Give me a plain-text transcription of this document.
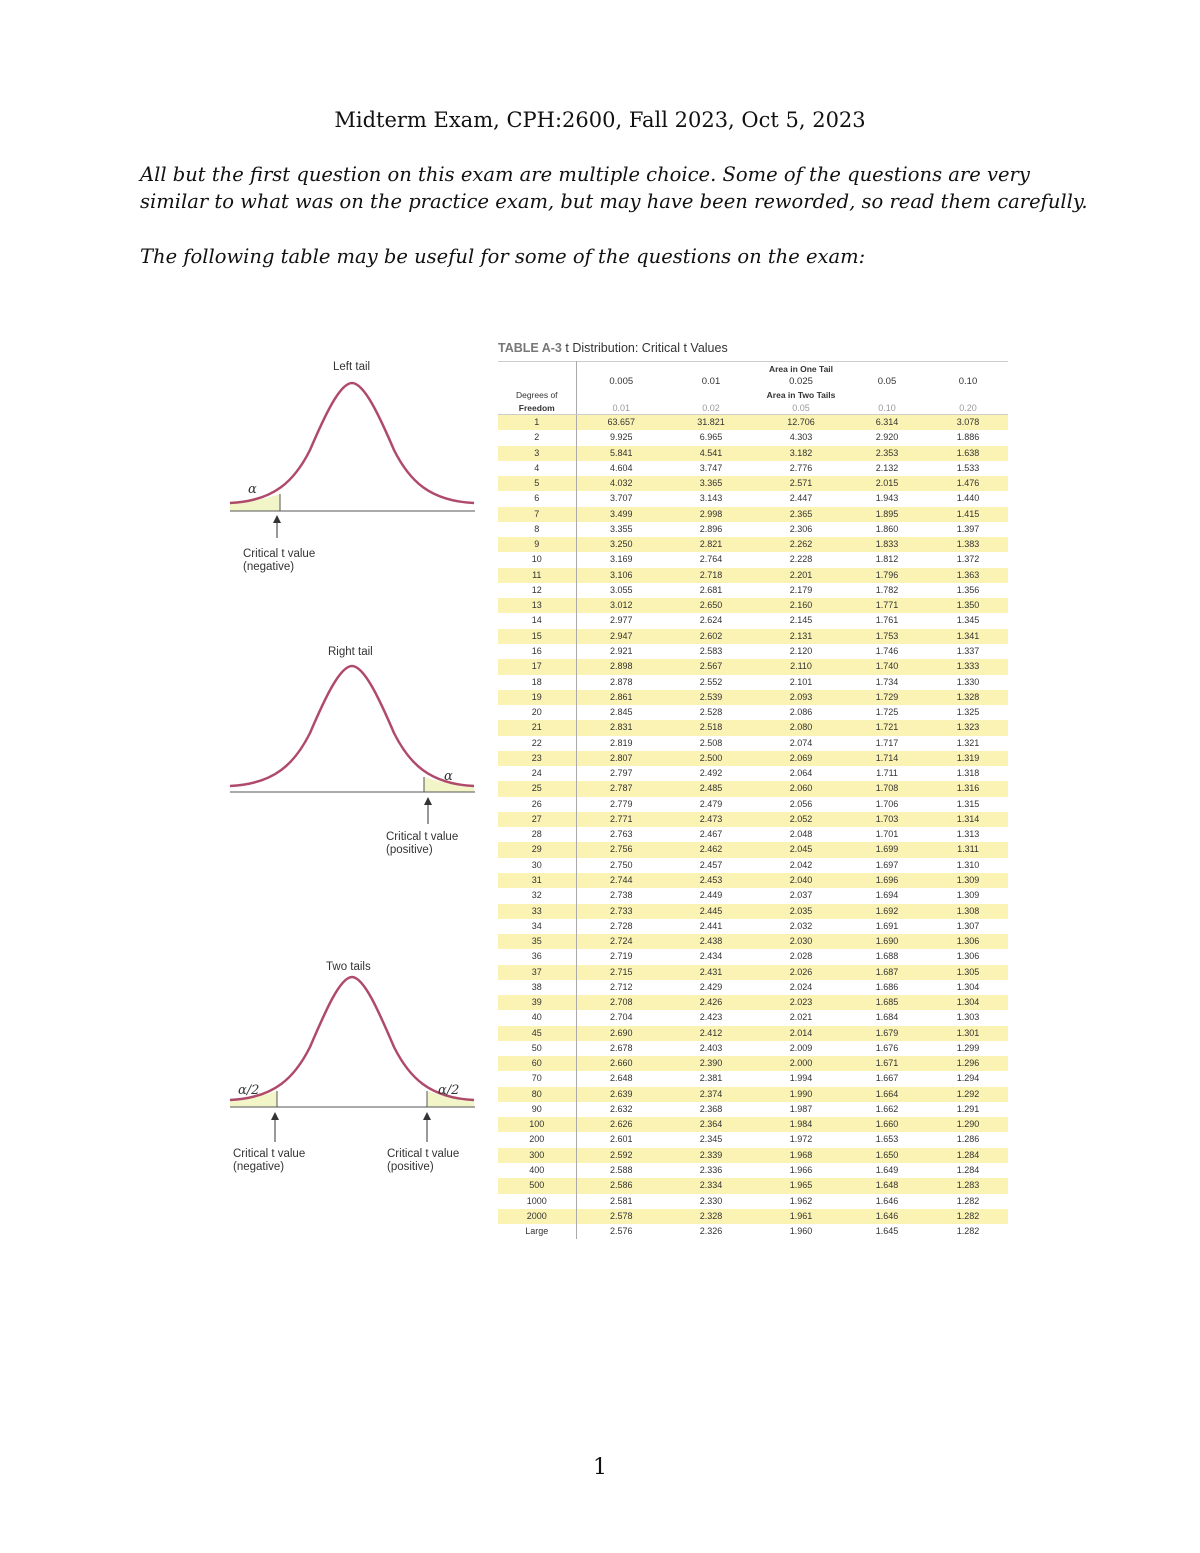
Midterm Exam, CPH:2600, Fall 2023, Oct 5, 2023

All but the first question on this exam are multiple choice. Some of the questions are very similar to what was on the practice exam, but may have been reworded, so read them carefully.

The following table may be useful for some of the questions on the exam:

Left tail
α
Critical t value
(negative)
Right tail
α
Critical t value
(positive)
Two tails
α/2	α/2
Critical t value
(negative)
Critical t value
(positive)

TABLE A-3 t Distribution: Critical t Values

			Area in One Tail		
	0.005	0.01	0.025	0.05	0.10
Degrees of			Area in Two Tails		
Freedom	0.01	0.02	0.05	0.10	0.20
1	63.657	31.821	12.706	6.314	3.078
2	9.925	6.965	4.303	2.920	1.886
3	5.841	4.541	3.182	2.353	1.638
4	4.604	3.747	2.776	2.132	1.533
5	4.032	3.365	2.571	2.015	1.476
6	3.707	3.143	2.447	1.943	1.440
7	3.499	2.998	2.365	1.895	1.415
8	3.355	2.896	2.306	1.860	1.397
9	3.250	2.821	2.262	1.833	1.383
10	3.169	2.764	2.228	1.812	1.372
11	3.106	2.718	2.201	1.796	1.363
12	3.055	2.681	2.179	1.782	1.356
13	3.012	2.650	2.160	1.771	1.350
14	2.977	2.624	2.145	1.761	1.345
15	2.947	2.602	2.131	1.753	1.341
16	2.921	2.583	2.120	1.746	1.337
17	2.898	2.567	2.110	1.740	1.333
18	2.878	2.552	2.101	1.734	1.330
19	2.861	2.539	2.093	1.729	1.328
20	2.845	2.528	2.086	1.725	1.325
21	2.831	2.518	2.080	1.721	1.323
22	2.819	2.508	2.074	1.717	1.321
23	2.807	2.500	2.069	1.714	1.319
24	2.797	2.492	2.064	1.711	1.318
25	2.787	2.485	2.060	1.708	1.316
26	2.779	2.479	2.056	1.706	1.315
27	2.771	2.473	2.052	1.703	1.314
28	2.763	2.467	2.048	1.701	1.313
29	2.756	2.462	2.045	1.699	1.311
30	2.750	2.457	2.042	1.697	1.310
31	2.744	2.453	2.040	1.696	1.309
32	2.738	2.449	2.037	1.694	1.309
33	2.733	2.445	2.035	1.692	1.308
34	2.728	2.441	2.032	1.691	1.307
35	2.724	2.438	2.030	1.690	1.306
36	2.719	2.434	2.028	1.688	1.306
37	2.715	2.431	2.026	1.687	1.305
38	2.712	2.429	2.024	1.686	1.304
39	2.708	2.426	2.023	1.685	1.304
40	2.704	2.423	2.021	1.684	1.303
45	2.690	2.412	2.014	1.679	1.301
50	2.678	2.403	2.009	1.676	1.299
60	2.660	2.390	2.000	1.671	1.296
70	2.648	2.381	1.994	1.667	1.294
80	2.639	2.374	1.990	1.664	1.292
90	2.632	2.368	1.987	1.662	1.291
100	2.626	2.364	1.984	1.660	1.290
200	2.601	2.345	1.972	1.653	1.286
300	2.592	2.339	1.968	1.650	1.284
400	2.588	2.336	1.966	1.649	1.284
500	2.586	2.334	1.965	1.648	1.283
1000	2.581	2.330	1.962	1.646	1.282
2000	2.578	2.328	1.961	1.646	1.282
Large	2.576	2.326	1.960	1.645	1.282
1
